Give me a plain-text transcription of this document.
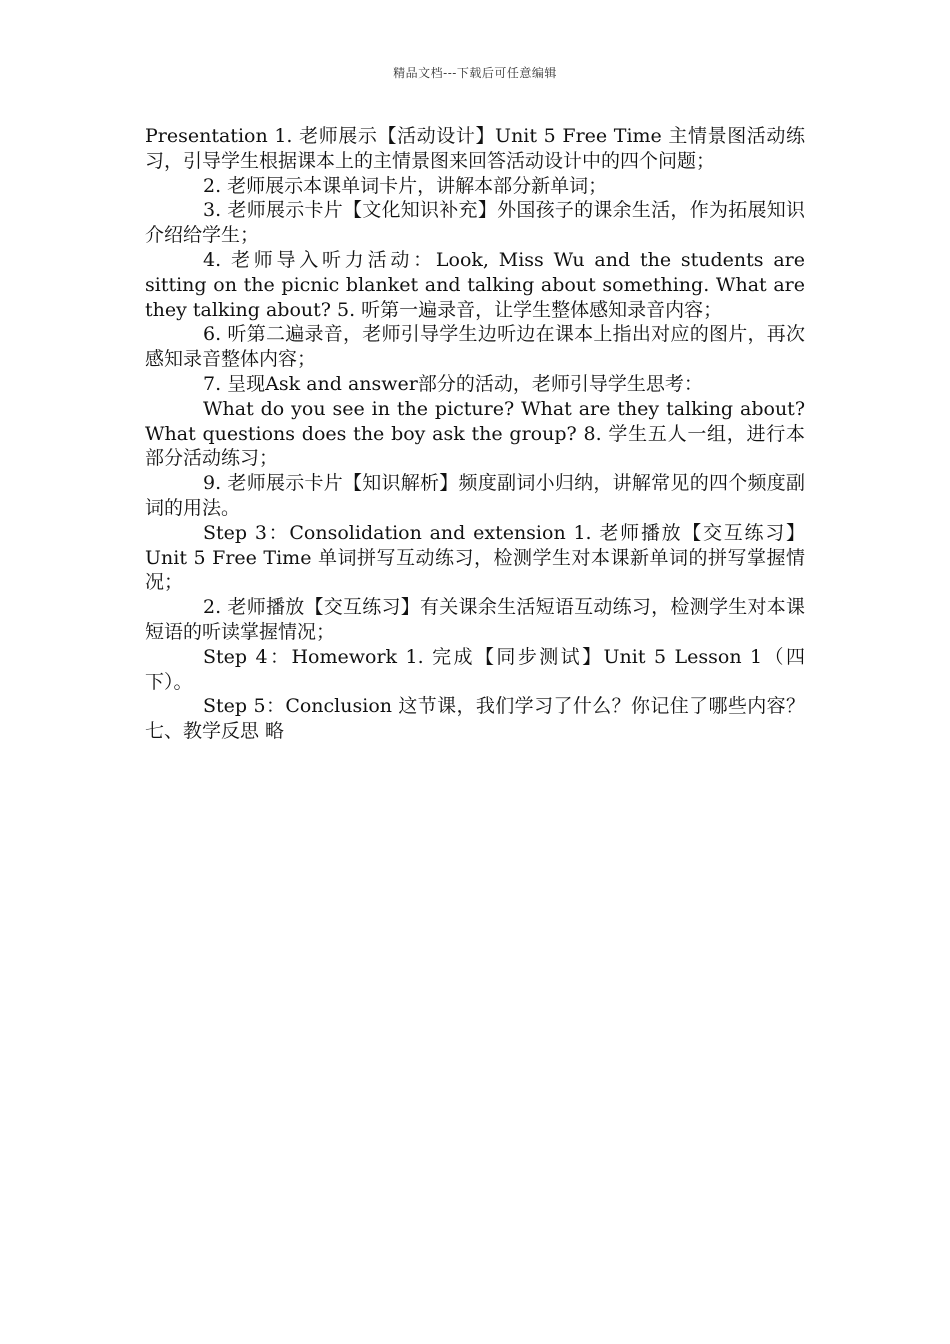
精品文档---下载后可任意编辑

Presentation 1. 老师展示【活动设计】Unit 5 Free Time 主情景图活动练习，引导学生根据课本上的主情景图来回答活动设计中的四个问题；

2. 老师展示本课单词卡片，讲解本部分新单词；

3. 老师展示卡片【文化知识补充】外国孩子的课余生活，作为拓展知识介绍给学生；

4. 老师导入听力活动：Look, Miss Wu and the students are sitting on the picnic blanket and talking about something. What are they talking about? 5. 听第一遍录音，让学生整体感知录音内容；

6. 听第二遍录音，老师引导学生边听边在课本上指出对应的图片，再次感知录音整体内容；

7. 呈现Ask and answer部分的活动，老师引导学生思考：

What do you see in the picture? What are they talking about? What questions does the boy ask the group? 8. 学生五人一组，进行本部分活动练习；

9. 老师展示卡片【知识解析】频度副词小归纳，讲解常见的四个频度副词的用法。

Step 3：Consolidation and extension 1. 老师播放【交互练习】Unit 5 Free Time 单词拼写互动练习，检测学生对本课新单词的拼写掌握情况；

2. 老师播放【交互练习】有关课余生活短语互动练习，检测学生对本课短语的听读掌握情况；

Step 4：Homework 1. 完成【同步测试】Unit 5 Lesson 1（四下）。

Step 5：Conclusion 这节课，我们学习了什么？你记住了哪些内容？ 七、教学反思 略
